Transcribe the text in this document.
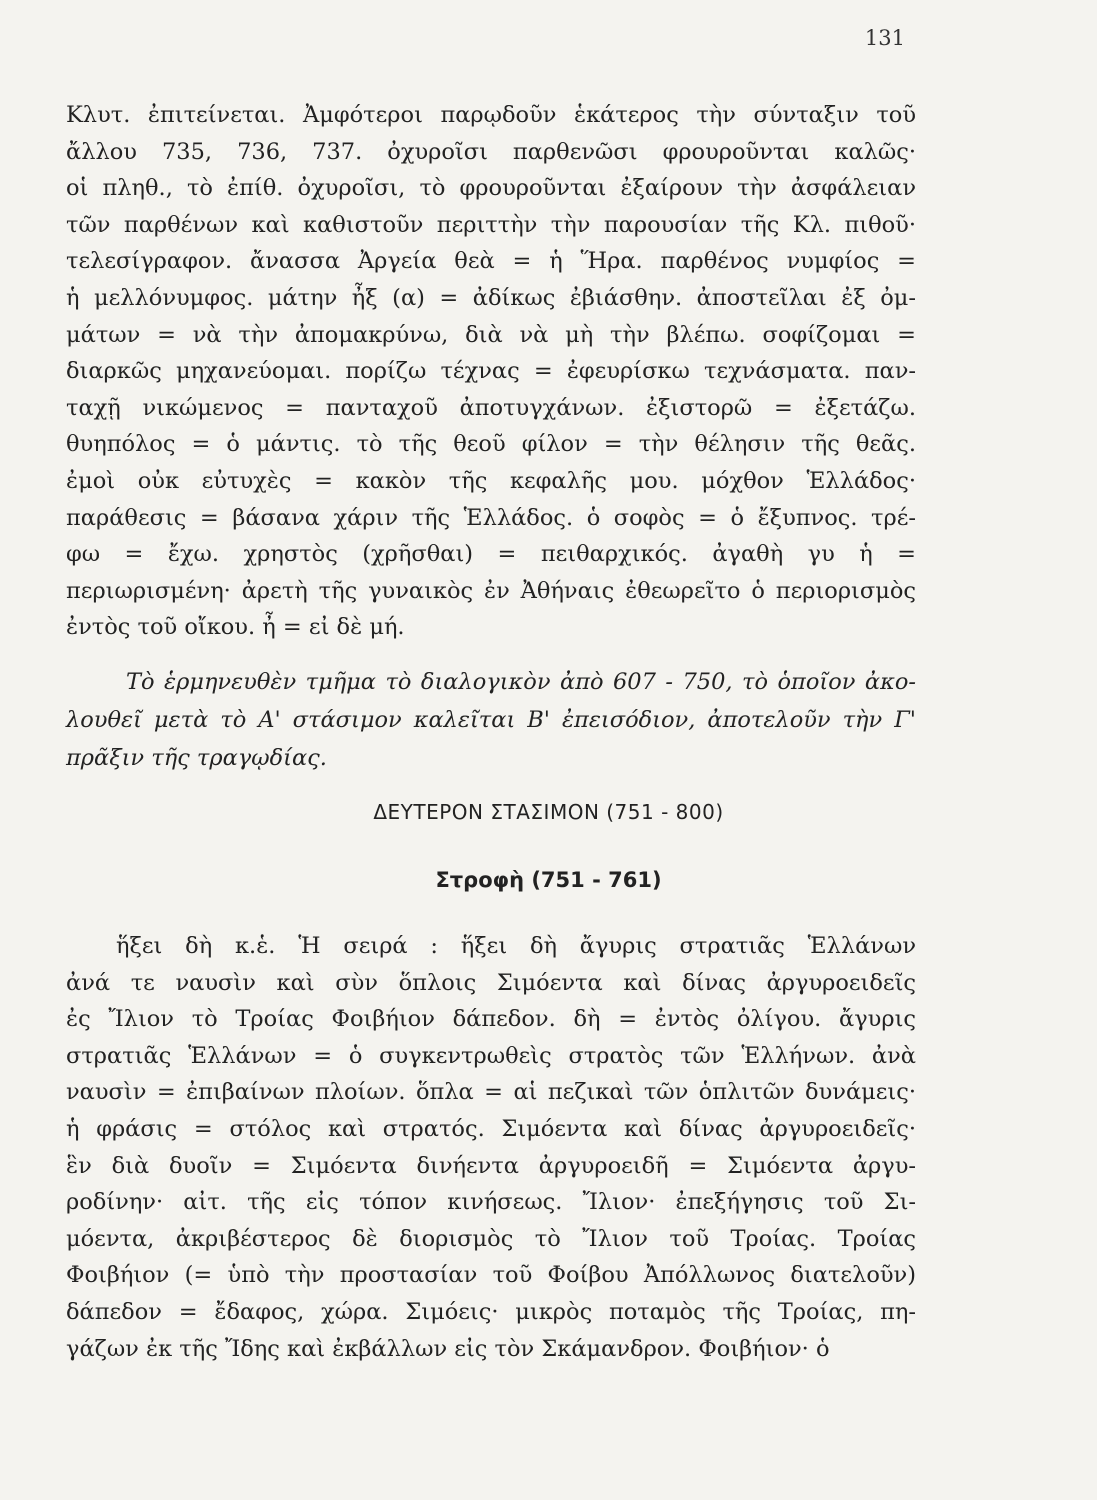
131
Κλυτ. ἐπιτείνεται. Ἀμφότεροι παρῳδοῦν ἑκάτερος τὴν σύνταξιν τοῦ
ἄλλου 735, 736, 737. ὀχυροῖσι παρθενῶσι φρουροῦνται καλῶς·
οἱ πληθ., τὸ ἐπίθ. ὀχυροῖσι, τὸ φρουροῦνται ἐξαίρουν τὴν ἀσφάλειαν
τῶν παρθένων καὶ καθιστοῦν περιττὴν τὴν παρουσίαν τῆς Κλ. πιθοῦ·
τελεσίγραφον. ἄνασσα Ἀργεία θεὰ = ἡ Ἥρα. παρθένος νυμφίος =
ἡ μελλόνυμφος. μάτην ἦξ (α) = ἀδίκως ἐβιάσθην. ἀποστεῖλαι ἐξ ὀμ-
μάτων = νὰ τὴν ἀπομακρύνω, διὰ νὰ μὴ τὴν βλέπω. σοφίζομαι =
διαρκῶς μηχανεύομαι. πορίζω τέχνας = ἐφευρίσκω τεχνάσματα. παν-
ταχῇ νικώμενος = πανταχοῦ ἀποτυγχάνων. ἐξιστορῶ = ἐξετάζω.
θυηπόλος = ὁ μάντις. τὸ τῆς θεοῦ φίλον = τὴν θέλησιν τῆς θεᾶς.
ἐμοὶ οὐκ εὐτυχὲς = κακὸν τῆς κεφαλῆς μου. μόχθον Ἑλλάδος·
παράθεσις = βάσανα χάριν τῆς Ἑλλάδος. ὁ σοφὸς = ὁ ἔξυπνος. τρέ-
φω = ἔχω. χρηστὸς (χρῆσθαι) = πειθαρχικός. ἀγαθὴ γυ ἡ =
περιωρισμένη· ἀρετὴ τῆς γυναικὸς ἐν Ἀθήναις ἐθεωρεῖτο ὁ περιορισμὸς
ἐντὸς τοῦ οἴκου. ἦ = εἰ δὲ μή.
Τὸ ἑρμηνευθὲν τμῆμα τὸ διαλογικὸν ἀπὸ 607 - 750, τὸ ὁποῖον ἀκο-
λουθεῖ μετὰ τὸ Α' στάσιμον καλεῖται Β' ἐπεισόδιον, ἀποτελοῦν τὴν Γ'
πρᾶξιν τῆς τραγῳδίας.
ΔΕΥΤΕΡΟΝ ΣΤΑΣΙΜΟΝ (751 - 800)
Στροφὴ (751 - 761)
ἥξει δὴ κ.ἑ. Ἡ σειρά : ἥξει δὴ ἄγυρις στρατιᾶς Ἑλλάνων
ἀνά τε ναυσὶν καὶ σὺν ὅπλοις Σιμόεντα καὶ δίνας ἀργυροειδεῖς
ἐς Ἴλιον τὸ Τροίας Φοιβήιον δάπεδον. δὴ = ἐντὸς ὀλίγου. ἄγυρις
στρατιᾶς Ἑλλάνων = ὁ συγκεντρωθεὶς στρατὸς τῶν Ἑλλήνων. ἀνὰ
ναυσὶν = ἐπιβαίνων πλοίων. ὅπλα = αἱ πεζικαὶ τῶν ὁπλιτῶν δυνάμεις·
ἡ φράσις = στόλος καὶ στρατός. Σιμόεντα καὶ δίνας ἀργυροειδεῖς·
ἓν διὰ δυοῖν = Σιμόεντα δινήεντα ἀργυροειδῆ = Σιμόεντα ἀργυ-
ροδίνην· αἰτ. τῆς εἰς τόπον κινήσεως. Ἴλιον· ἐπεξήγησις τοῦ Σι-
μόεντα, ἀκριβέστερος δὲ διορισμὸς τὸ Ἴλιον τοῦ Τροίας. Τροίας
Φοιβήιον (= ὑπὸ τὴν προστασίαν τοῦ Φοίβου Ἀπόλλωνος διατελοῦν)
δάπεδον = ἔδαφος, χώρα. Σιμόεις· μικρὸς ποταμὸς τῆς Τροίας, πη-
γάζων ἐκ τῆς Ἴδης καὶ ἐκβάλλων εἰς τὸν Σκάμανδρον. Φοιβήιον· ὁ
